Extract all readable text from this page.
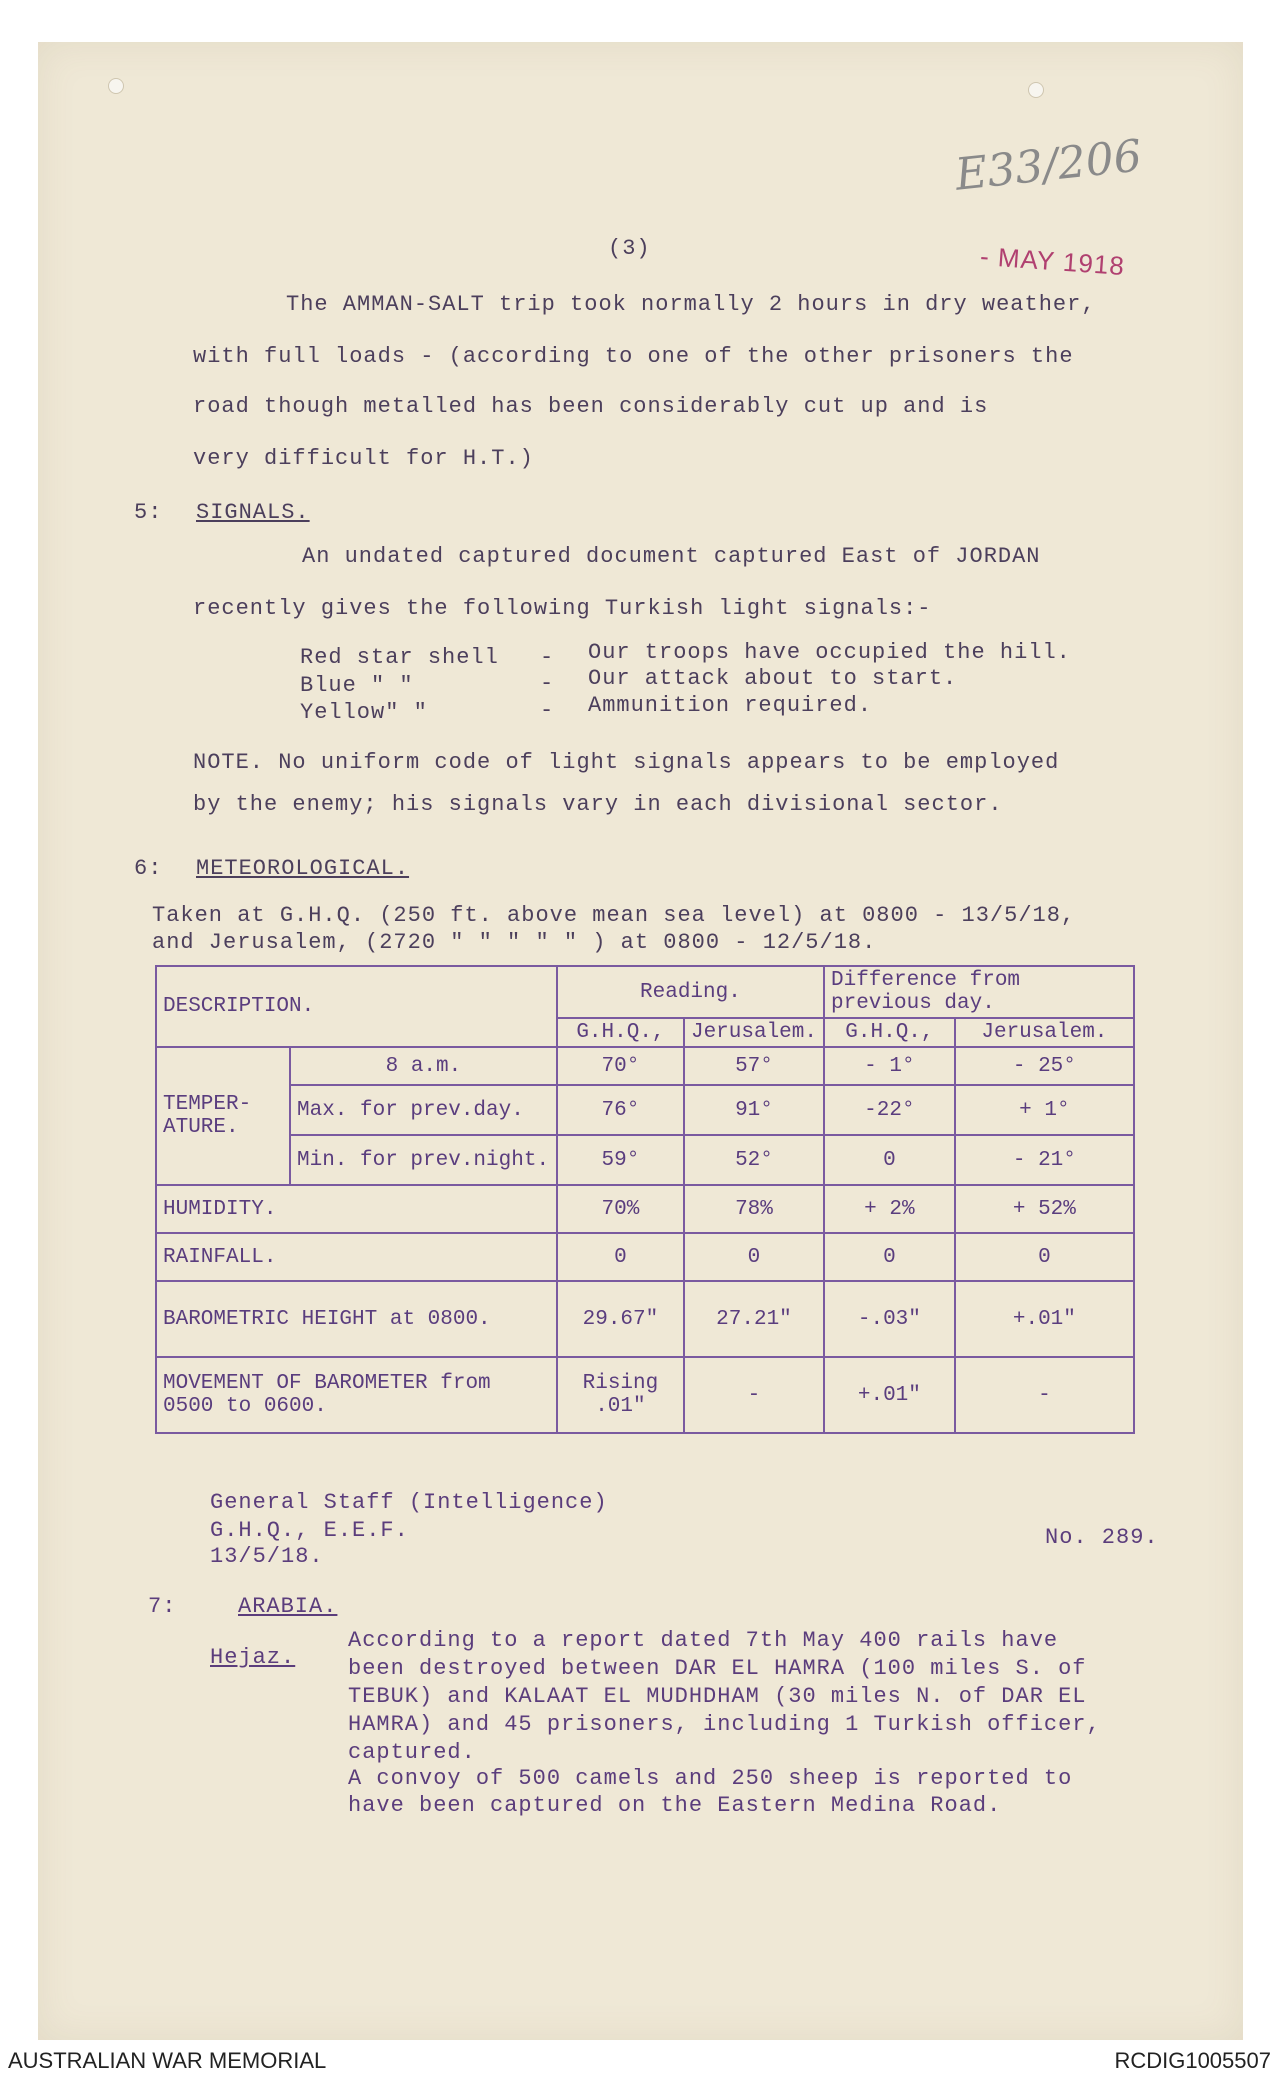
E33/206
- MAY 1918
(3)
The AMMAN-SALT trip took normally 2 hours in dry weather,
with full loads - (according to one of the other prisoners the
road though metalled has been considerably cut up and is
very difficult for H.T.)
5: SIGNALS.
An undated captured document captured East of JORDAN
recently gives the following Turkish light signals:-
Red star shell - Our troops have occupied the hill.
Blue " "	- Our attack about to start.
Yellow" "	- Ammunition required.
NOTE. No uniform code of light signals appears to be employed
by the enemy; his signals vary in each divisional sector.
6: METEOROLOGICAL.
Taken at G.H.Q. (250 ft. above mean sea level) at 0800 - 13/5/18,
and Jerusalem, (2720 " " " " " ) at 0800 - 12/5/18.
DESCRIPTION.		Reading.		Difference from previous day.	
		G.H.Q.,	Jerusalem.	G.H.Q.,	Jerusalem.
TEMPER- ATURE.	8 a.m.	70°	57°	- 1°	- 25°
	Max. for prev.day.	76°	91°	-22°	+ 1°
	Min. for prev.night.	59°	52°	0	- 21°
HUMIDITY.		70%	78%	+ 2%	+ 52%
RAINFALL.		0	0	0	0
BAROMETRIC HEIGHT at 0800.		29.67"	27.21"	-.03"	+.01"
MOVEMENT OF BAROMETER from 0500 to 0600.		Rising .01"	-	+.01"	-
General Staff (Intelligence)
G.H.Q., E.E.F.
13/5/18.
No. 289.
7:	ARABIA.
Hejaz.
According to a report dated 7th May 400 rails have
been destroyed between DAR EL HAMRA (100 miles S. of
TEBUK) and KALAAT EL MUDHDHAM (30 miles N. of DAR EL
HAMRA) and 45 prisoners, including 1 Turkish officer,
captured.
A convoy of 500 camels and 250 sheep is reported to
have been captured on the Eastern Medina Road.
AUSTRALIAN WAR MEMORIAL	RCDIG1005507
